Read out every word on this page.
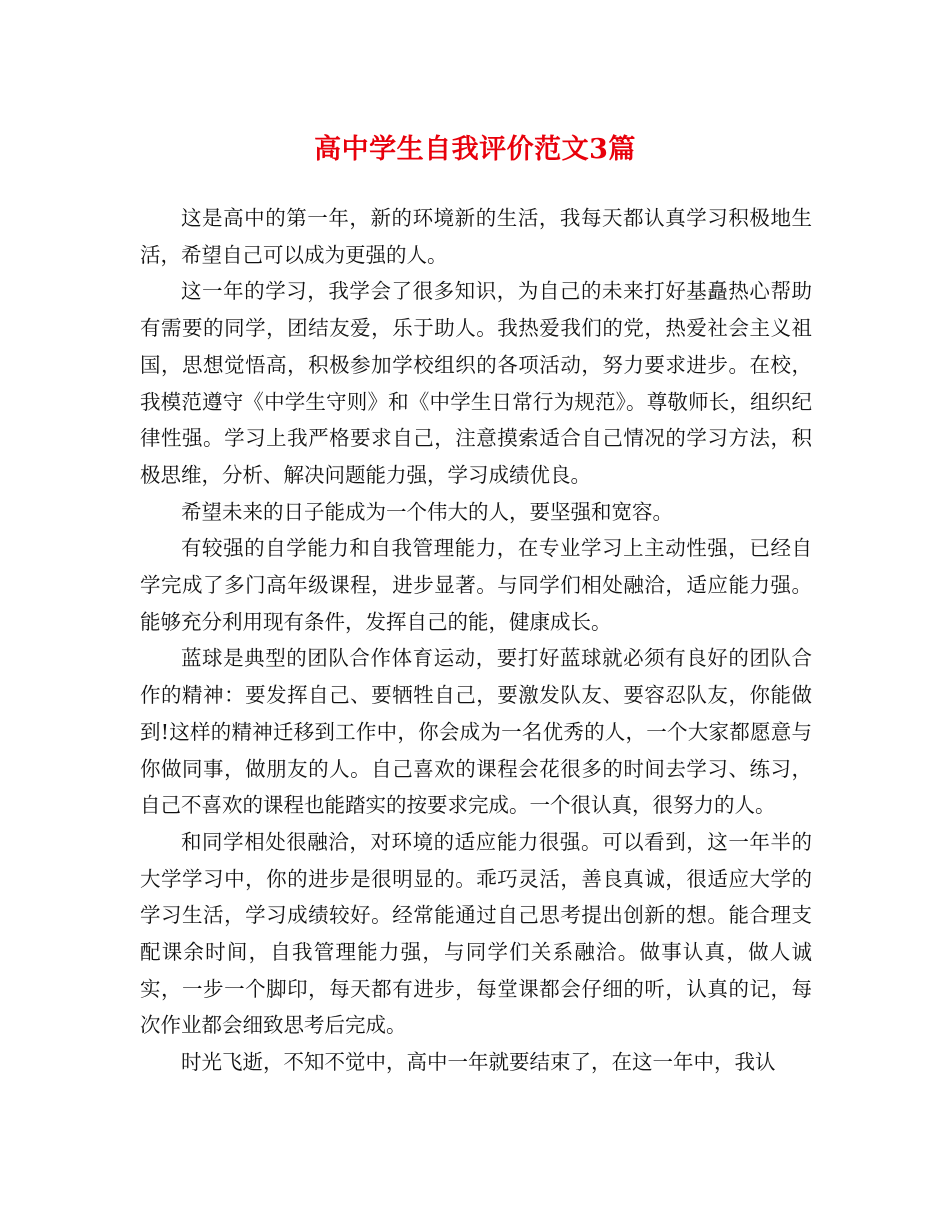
高中学生自我评价范文3篇

这是高中的第一年，新的环境新的生活，我每天都认真学习积极地生活，希望自己可以成为更强的人。

这一年的学习，我学会了很多知识，为自己的未来打好基矗热心帮助有需要的同学，团结友爱，乐于助人。我热爱我们的党，热爱社会主义祖国，思想觉悟高，积极参加学校组织的各项活动，努力要求进步。在校，我模范遵守《中学生守则》和《中学生日常行为规范》。尊敬师长，组织纪律性强。学习上我严格要求自己，注意摸索适合自己情况的学习方法，积极思维，分析、解决问题能力强，学习成绩优良。

希望未来的日子能成为一个伟大的人，要坚强和宽容。

有较强的自学能力和自我管理能力，在专业学习上主动性强，已经自学完成了多门高年级课程，进步显著。与同学们相处融洽，适应能力强。能够充分利用现有条件，发挥自己的能，健康成长。

蓝球是典型的团队合作体育运动，要打好蓝球就必须有良好的团队合作的精神：要发挥自己、要牺牲自己，要激发队友、要容忍队友，你能做到!这样的精神迁移到工作中，你会成为一名优秀的人，一个大家都愿意与你做同事，做朋友的人。自己喜欢的课程会花很多的时间去学习、练习，自己不喜欢的课程也能踏实的按要求完成。一个很认真，很努力的人。

和同学相处很融洽，对环境的适应能力很强。可以看到，这一年半的大学学习中，你的进步是很明显的。乖巧灵活，善良真诚，很适应大学的学习生活，学习成绩较好。经常能通过自己思考提出创新的想。能合理支配课余时间，自我管理能力强，与同学们关系融洽。做事认真，做人诚实，一步一个脚印，每天都有进步，每堂课都会仔细的听，认真的记，每次作业都会细致思考后完成。

时光飞逝，不知不觉中，高中一年就要结束了，在这一年中，我认
